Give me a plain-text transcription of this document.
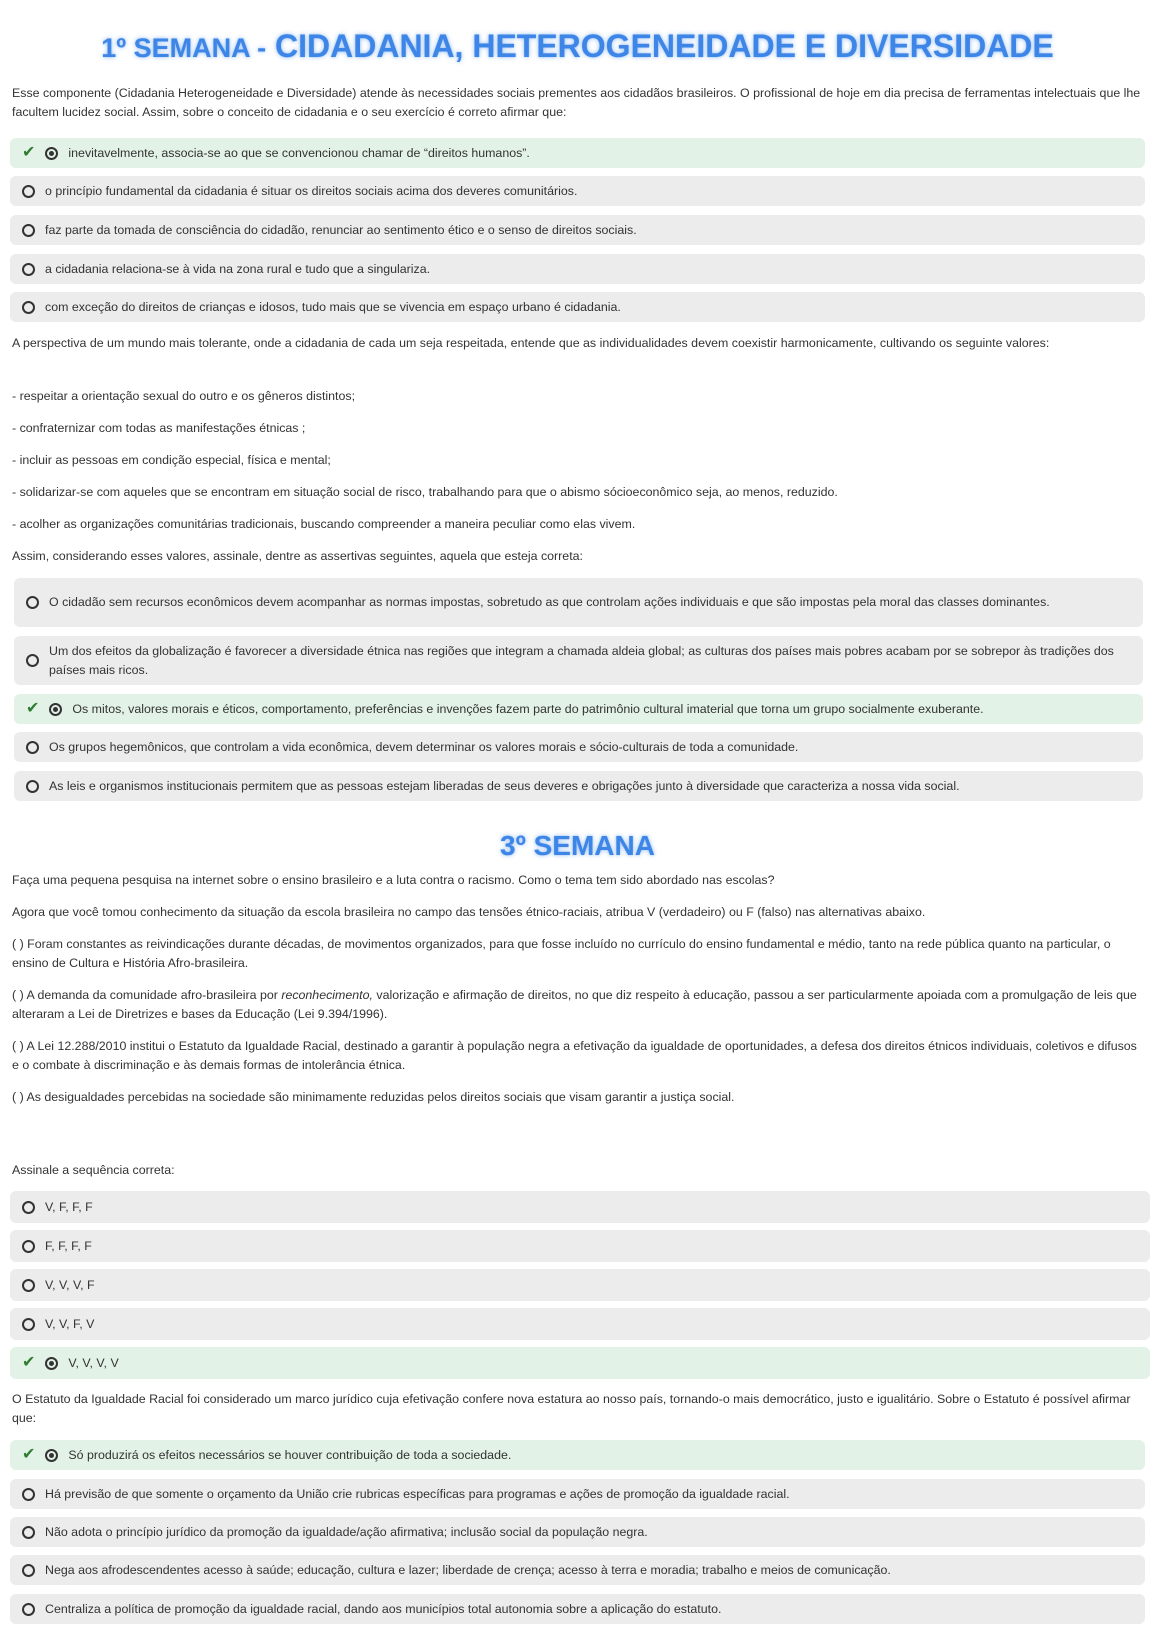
1º SEMANA - CIDADANIA, HETEROGENEIDADE E DIVERSIDADE

Esse componente (Cidadania Heterogeneidade e Diversidade) atende às necessidades sociais prementes aos cidadãos brasileiros. O profissional de hoje em dia precisa de ferramentas intelectuais que lhe facultem lucidez social. Assim, sobre o conceito de cidadania e o seu exercício é correto afirmar que:

✔	inevitavelmente, associa-se ao que se convencionou chamar de “direitos humanos”.
o princípio fundamental da cidadania é situar os direitos sociais acima dos deveres comunitários.
faz parte da tomada de consciência do cidadão, renunciar ao sentimento ético e o senso de direitos sociais.
a cidadania relaciona-se à vida na zona rural e tudo que a singulariza.
com exceção do direitos de crianças e idosos, tudo mais que se vivencia em espaço urbano é cidadania.

A perspectiva de um mundo mais tolerante, onde a cidadania de cada um seja respeitada, entende que as individualidades devem coexistir harmonicamente, cultivando os seguinte valores:

- respeitar a orientação sexual do outro e os gêneros distintos;

- confraternizar com todas as manifestações étnicas ;

- incluir as pessoas em condição especial, física e mental;

- solidarizar-se com aqueles que se encontram em situação social de risco, trabalhando para que o abismo sócioeconômico seja, ao menos, reduzido.

- acolher as organizações comunitárias tradicionais, buscando compreender a maneira peculiar como elas vivem.

Assim, considerando esses valores, assinale, dentre as assertivas seguintes, aquela que esteja correta:

O cidadão sem recursos econômicos devem acompanhar as normas impostas, sobretudo as que controlam ações individuais e que são impostas pela moral das classes dominantes.
Um dos efeitos da globalização é favorecer a diversidade étnica nas regiões que integram a chamada aldeia global; as culturas dos países mais pobres acabam por se sobrepor às tradições dos países mais ricos.
✔	Os mitos, valores morais e éticos, comportamento, preferências e invenções fazem parte do patrimônio cultural imaterial que torna um grupo socialmente exuberante.
Os grupos hegemônicos, que controlam a vida econômica, devem determinar os valores morais e sócio-culturais de toda a comunidade.
As leis e organismos institucionais permitem que as pessoas estejam liberadas de seus deveres e obrigações junto à diversidade que caracteriza a nossa vida social.
3º SEMANA

Faça uma pequena pesquisa na internet sobre o ensino brasileiro e a luta contra o racismo. Como o tema tem sido abordado nas escolas?

Agora que você tomou conhecimento da situação da escola brasileira no campo das tensões étnico-raciais, atribua V (verdadeiro) ou F (falso) nas alternativas abaixo.

( ) Foram constantes as reivindicações durante décadas, de movimentos organizados, para que fosse incluído no currículo do ensino fundamental e médio, tanto na rede pública quanto na particular, o ensino de Cultura e História Afro-brasileira.

( ) A demanda da comunidade afro-brasileira por reconhecimento, valorização e afirmação de direitos, no que diz respeito à educação, passou a ser particularmente apoiada com a promulgação de leis que alteraram a Lei de Diretrizes e bases da Educação (Lei 9.394/1996).

( ) A Lei 12.288/2010 institui o Estatuto da Igualdade Racial, destinado a garantir à população negra a efetivação da igualdade de oportunidades, a defesa dos direitos étnicos individuais, coletivos e difusos e o combate à discriminação e às demais formas de intolerância étnica.

( ) As desigualdades percebidas na sociedade são minimamente reduzidas pelos direitos sociais que visam garantir a justiça social.

Assinale a sequência correta:

V, F, F, F
F, F, F, F
V, V, V, F
V, V, F, V
✔	V, V, V, V

O Estatuto da Igualdade Racial foi considerado um marco jurídico cuja efetivação confere nova estatura ao nosso país, tornando-o mais democrático, justo e igualitário. Sobre o Estatuto é possível afirmar que:

✔	Só produzirá os efeitos necessários se houver contribuição de toda a sociedade.
Há previsão de que somente o orçamento da União crie rubricas específicas para programas e ações de promoção da igualdade racial.
Não adota o princípio jurídico da promoção da igualdade/ação afirmativa; inclusão social da população negra.
Nega aos afrodescendentes acesso à saúde; educação, cultura e lazer; liberdade de crença; acesso à terra e moradia; trabalho e meios de comunicação.
Centraliza a política de promoção da igualdade racial, dando aos municípios total autonomia sobre a aplicação do estatuto.
